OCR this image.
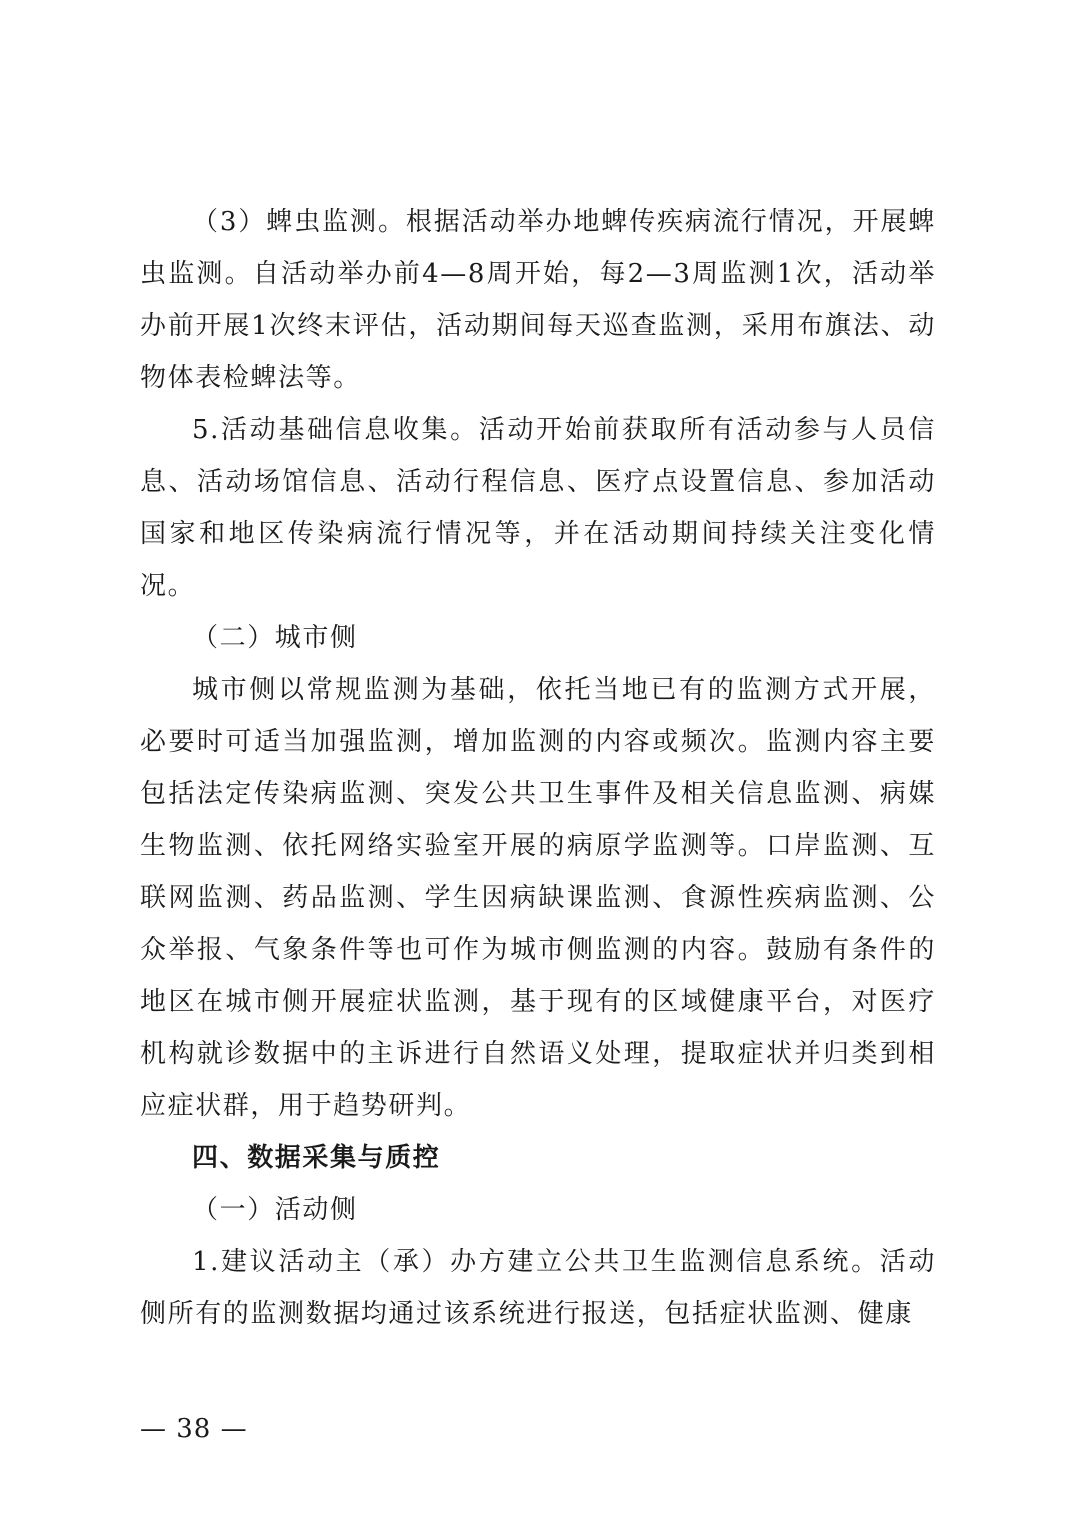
（3）蜱虫监测。根据活动举办地蜱传疾病流行情况，开展蜱虫监测。自活动举办前4—8周开始，每2—3周监测1次，活动举办前开展1次终末评估，活动期间每天巡查监测，采用布旗法、动物体表检蜱法等。

5.活动基础信息收集。活动开始前获取所有活动参与人员信息、活动场馆信息、活动行程信息、医疗点设置信息、参加活动国家和地区传染病流行情况等，并在活动期间持续关注变化情况。

（二）城市侧

城市侧以常规监测为基础，依托当地已有的监测方式开展，必要时可适当加强监测，增加监测的内容或频次。监测内容主要包括法定传染病监测、突发公共卫生事件及相关信息监测、病媒生物监测、依托网络实验室开展的病原学监测等。口岸监测、互联网监测、药品监测、学生因病缺课监测、食源性疾病监测、公众举报、气象条件等也可作为城市侧监测的内容。鼓励有条件的地区在城市侧开展症状监测，基于现有的区域健康平台，对医疗机构就诊数据中的主诉进行自然语义处理，提取症状并归类到相应症状群，用于趋势研判。

四、数据采集与质控

（一）活动侧

1.建议活动主（承）办方建立公共卫生监测信息系统。活动侧所有的监测数据均通过该系统进行报送，包括症状监测、健康

— 38 —
